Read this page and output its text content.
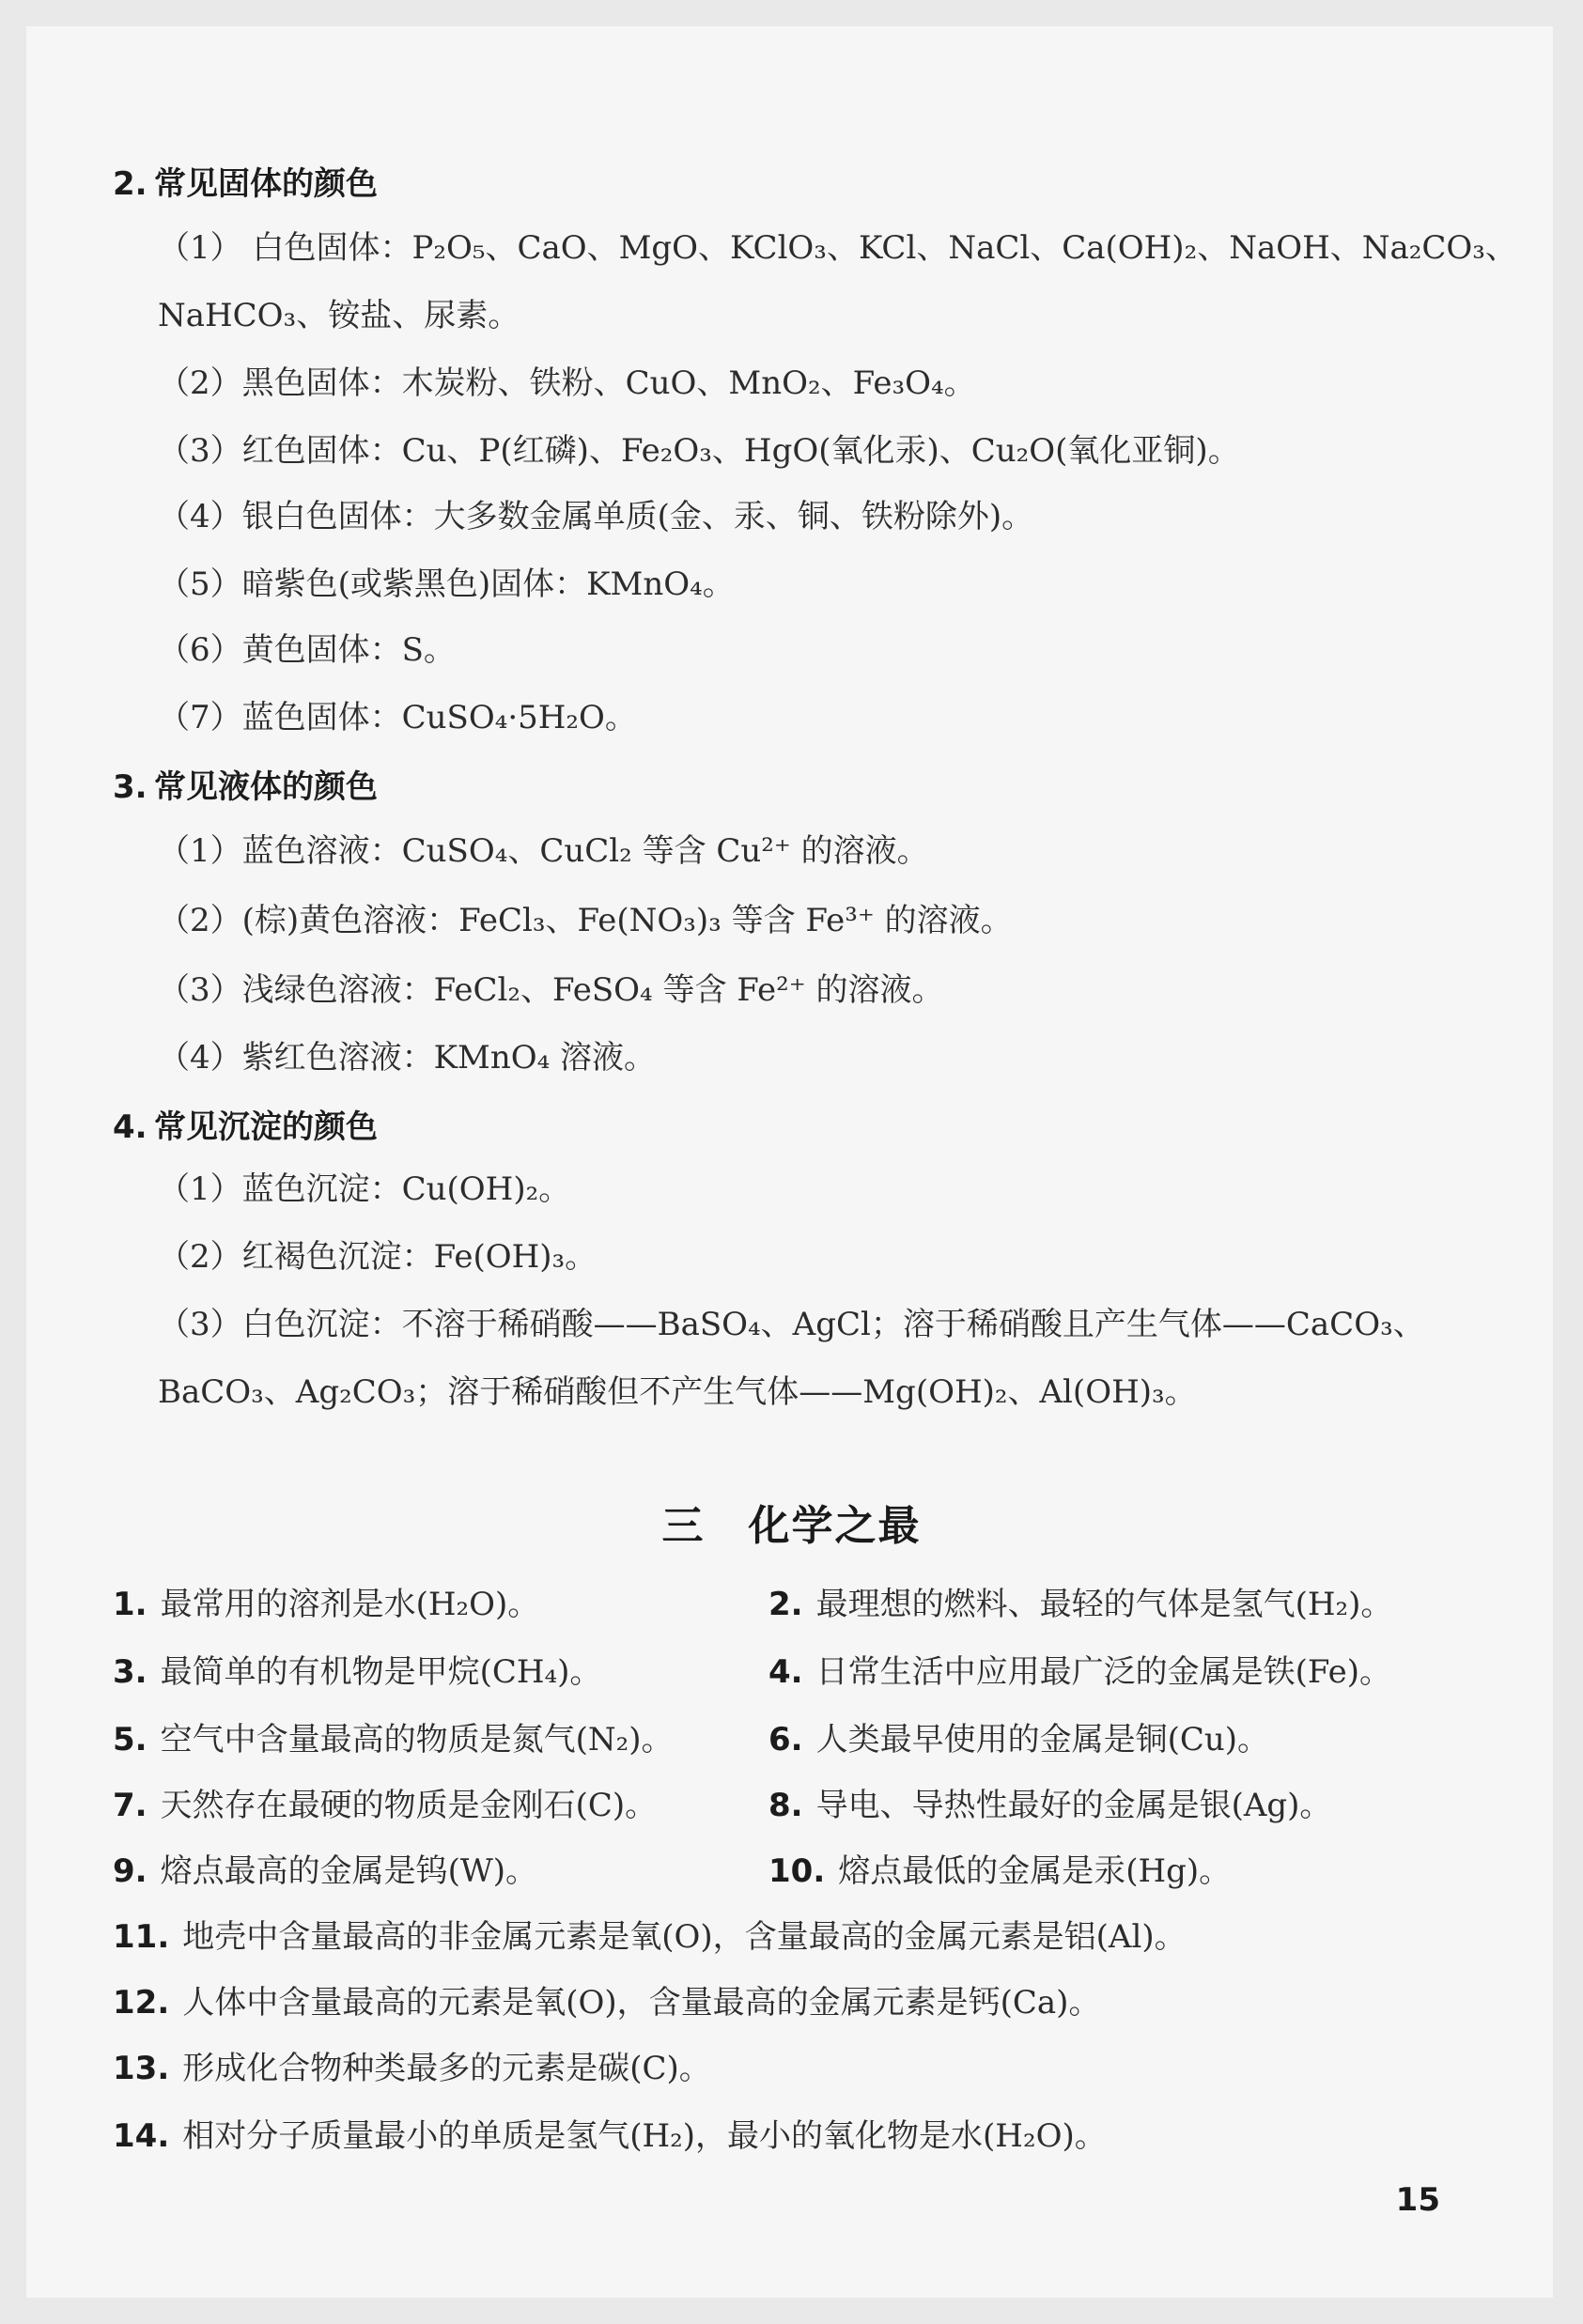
2. 常见固体的颜色
（1） 白色固体：P₂O₅、CaO、MgO、KClO₃、KCl、NaCl、Ca(OH)₂、NaOH、Na₂CO₃、
NaHCO₃、铵盐、尿素。
（2）黑色固体：木炭粉、铁粉、CuO、MnO₂、Fe₃O₄。
（3）红色固体：Cu、P(红磷)、Fe₂O₃、HgO(氧化汞)、Cu₂O(氧化亚铜)。
（4）银白色固体：大多数金属单质(金、汞、铜、铁粉除外)。
（5）暗紫色(或紫黑色)固体：KMnO₄。
（6）黄色固体：S。
（7）蓝色固体：CuSO₄·5H₂O。
3. 常见液体的颜色
（1）蓝色溶液：CuSO₄、CuCl₂ 等含 Cu²⁺ 的溶液。
（2）(棕)黄色溶液：FeCl₃、Fe(NO₃)₃ 等含 Fe³⁺ 的溶液。
（3）浅绿色溶液：FeCl₂、FeSO₄ 等含 Fe²⁺ 的溶液。
（4）紫红色溶液：KMnO₄ 溶液。
4. 常见沉淀的颜色
（1）蓝色沉淀：Cu(OH)₂。
（2）红褐色沉淀：Fe(OH)₃。
（3）白色沉淀：不溶于稀硝酸——BaSO₄、AgCl；溶于稀硝酸且产生气体——CaCO₃、
BaCO₃、Ag₂CO₃；溶于稀硝酸但不产生气体——Mg(OH)₂、Al(OH)₃。
三 化学之最
1. 最常用的溶剂是水(H₂O)。	2. 最理想的燃料、最轻的气体是氢气(H₂)。
3. 最简单的有机物是甲烷(CH₄)。	4. 日常生活中应用最广泛的金属是铁(Fe)。
5. 空气中含量最高的物质是氮气(N₂)。	6. 人类最早使用的金属是铜(Cu)。
7. 天然存在最硬的物质是金刚石(C)。	8. 导电、导热性最好的金属是银(Ag)。
9. 熔点最高的金属是钨(W)。	10. 熔点最低的金属是汞(Hg)。
11. 地壳中含量最高的非金属元素是氧(O)，含量最高的金属元素是铝(Al)。
12. 人体中含量最高的元素是氧(O)，含量最高的金属元素是钙(Ca)。
13. 形成化合物种类最多的元素是碳(C)。
14. 相对分子质量最小的单质是氢气(H₂)，最小的氧化物是水(H₂O)。
15
